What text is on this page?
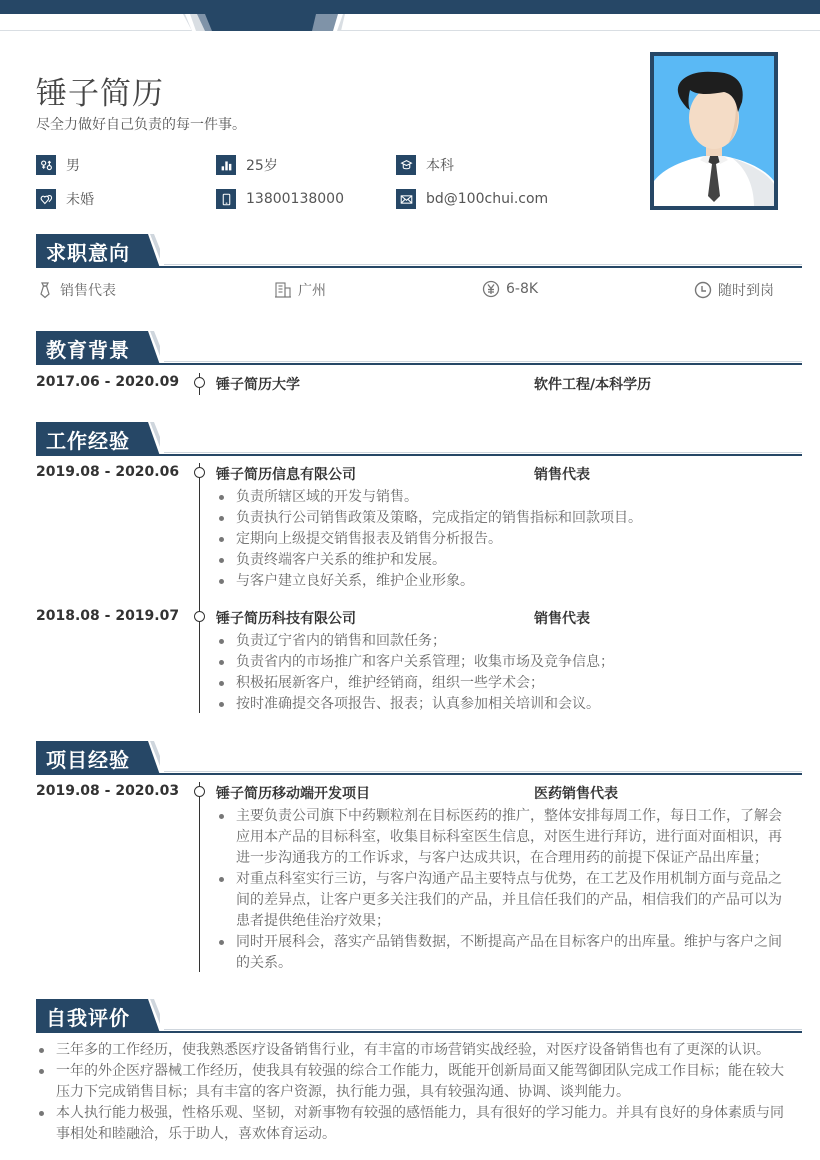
锤子简历
尽全力做好自己负责的每一件事。
男	25岁	本科
未婚	13800138000	bd@100chui.com
求职意向
销售代表	广州	6-8K	随时到岗
教育背景
2017.06 - 2020.09	锤子简历大学	软件工程/本科学历
工作经验
2019.08 - 2020.06	锤子简历信息有限公司	销售代表
负责所辖区域的开发与销售。
负责执行公司销售政策及策略，完成指定的销售指标和回款项目。
定期向上级提交销售报表及销售分析报告。
负责终端客户关系的维护和发展。
与客户建立良好关系，维护企业形象。
2018.08 - 2019.07	锤子简历科技有限公司	销售代表
负责辽宁省内的销售和回款任务；
负责省内的市场推广和客户关系管理；收集市场及竞争信息；
积极拓展新客户，维护经销商，组织一些学术会；
按时准确提交各项报告、报表；认真参加相关培训和会议。
项目经验
2019.08 - 2020.03	锤子简历移动端开发项目	医药销售代表
主要负责公司旗下中药颗粒剂在目标医药的推广，整体安排每周工作，每日工作，了解会应用本产品的目标科室，收集目标科室医生信息，对医生进行拜访，进行面对面相识，再进一步沟通我方的工作诉求，与客户达成共识，在合理用药的前提下保证产品出库量；
对重点科室实行三访，与客户沟通产品主要特点与优势，在工艺及作用机制方面与竞品之间的差异点，让客户更多关注我们的产品，并且信任我们的产品，相信我们的产品可以为患者提供绝佳治疗效果；
同时开展科会，落实产品销售数据，不断提高产品在目标客户的出库量。维护与客户之间的关系。
自我评价
三年多的工作经历，使我熟悉医疗设备销售行业，有丰富的市场营销实战经验，对医疗设备销售也有了更深的认识。
一年的外企医疗器械工作经历，使我具有较强的综合工作能力，既能开创新局面又能驾御团队完成工作目标；能在较大压力下完成销售目标；具有丰富的客户资源，执行能力强，具有较强沟通、协调、谈判能力。
本人执行能力极强，性格乐观、坚韧，对新事物有较强的感悟能力，具有很好的学习能力。并具有良好的身体素质与同事相处和睦融洽，乐于助人，喜欢体育运动。
